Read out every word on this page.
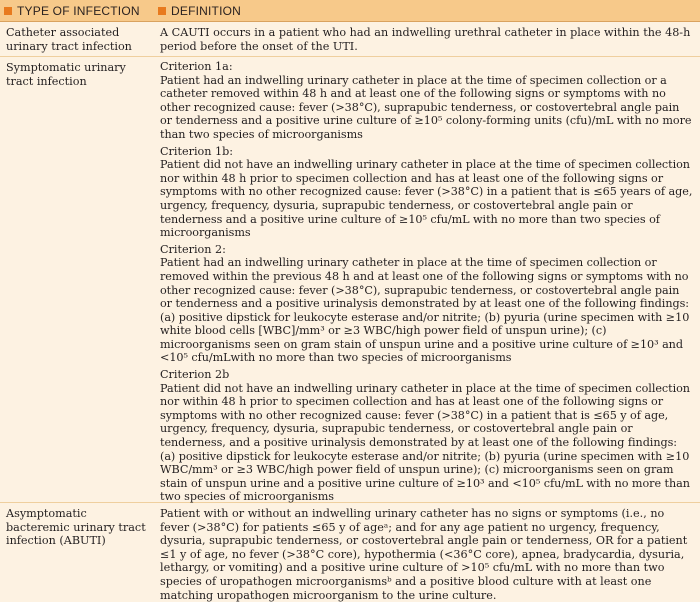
TYPE OF INFECTION	DEFINITION
Catheter associated urinary tract infection
A CAUTI occurs in a patient who had an indwelling urethral catheter in place within the 48-h period before the onset of the UTI.
Symptomatic urinary tract infection
Criterion 1a:
Patient had an indwelling urinary catheter in place at the time of specimen collection or a catheter removed within 48 h and at least one of the following signs or symptoms with no other recognized cause: fever (>38°C), suprapubic tenderness, or costovertebral angle pain or tenderness and a positive urine culture of ≥10⁵ colony-forming units (cfu)/mL with no more than two species of microorganisms
Criterion 1b:
Patient did not have an indwelling urinary catheter in place at the time of specimen collection nor within 48 h prior to specimen collection and has at least one of the following signs or symptoms with no other recognized cause: fever (>38°C) in a patient that is ≤65 years of age, urgency, frequency, dysuria, suprapubic tenderness, or costovertebral angle pain or tenderness and a positive urine culture of ≥10⁵ cfu/mL with no more than two species of microorganisms
Criterion 2:
Patient had an indwelling urinary catheter in place at the time of specimen collection or removed within the previous 48 h and at least one of the following signs or symptoms with no other recognized cause: fever (>38°C), suprapubic tenderness, or costovertebral angle pain or tenderness and a positive urinalysis demonstrated by at least one of the following findings: (a) positive dipstick for leukocyte esterase and/or nitrite; (b) pyuria (urine specimen with ≥10 white blood cells [WBC]/mm³ or ≥3 WBC/high power field of unspun urine); (c) microorganisms seen on gram stain of unspun urine and a positive urine culture of ≥10³ and <10⁵ cfu/mLwith no more than two species of microorganisms
Criterion 2b
Patient did not have an indwelling urinary catheter in place at the time of specimen collection nor within 48 h prior to specimen collection and has at least one of the following signs or symptoms with no other recognized cause: fever (>38°C) in a patient that is ≤65 y of age, urgency, frequency, dysuria, suprapubic tenderness, or costovertebral angle pain or tenderness, and a positive urinalysis demonstrated by at least one of the following findings: (a) positive dipstick for leukocyte esterase and/or nitrite; (b) pyuria (urine specimen with ≥10 WBC/mm³ or ≥3 WBC/high power field of unspun urine); (c) microorganisms seen on gram stain of unspun urine and a positive urine culture of ≥10³ and <10⁵ cfu/mL with no more than two species of microorganisms
Asymptomatic bacteremic urinary tract infection (ABUTI)
Patient with or without an indwelling urinary catheter has no signs or symptoms (i.e., no fever (>38°C) for patients ≤65 y of ageᵃ; and for any age patient no urgency, frequency, dysuria, suprapubic tenderness, or costovertebral angle pain or tenderness, OR for a patient ≤1 y of age, no fever (>38°C core), hypothermia (<36°C core), apnea, bradycardia, dysuria, lethargy, or vomiting) and a positive urine culture of >10⁵ cfu/mL with no more than two species of uropathogen microorganismsᵇ and a positive blood culture with at least one matching uropathogen microorganism to the urine culture.
